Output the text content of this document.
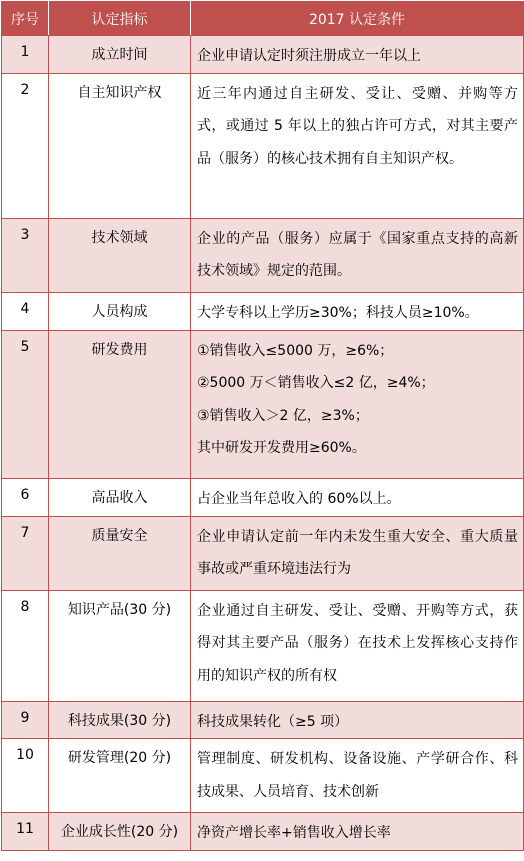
序号	认定指标	2017 认定条件
1	成立时间	企业申请认定时须注册成立一年以上
2	自主知识产权	近三年内通过自主研发、受让、受赠、并购等方式，或通过 5 年以上的独占许可方式，对其主要产品（服务）的核心技术拥有自主知识产权。
3	技术领域	企业的产品（服务）应属于《国家重点支持的高新技术领域》规定的范围。
4	人员构成	大学专科以上学历≥30%；科技人员≥10%。
5	研发费用	①销售收入≤5000 万，≥6%；
②5000 万＜销售收入≤2 亿，≥4%；
③销售收入＞2 亿，≥3%；
其中研发开发费用≥60%。

6	高品收入	占企业当年总收入的 60%以上。
7	质量安全	企业申请认定前一年内未发生重大安全、重大质量事故或严重环境违法行为
8	知识产品(30 分)	企业通过自主研发、受让、受赠、开购等方式，获得对其主要产品（服务）在技术上发挥核心支持作用的知识产权的所有权
9	科技成果(30 分)	科技成果转化（≥5 项）
10	研发管理(20 分)	管理制度、研发机构、设备设施、产学研合作、科技成果、人员培育、技术创新
11	企业成长性(20 分)	净资产增长率+销售收入增长率
